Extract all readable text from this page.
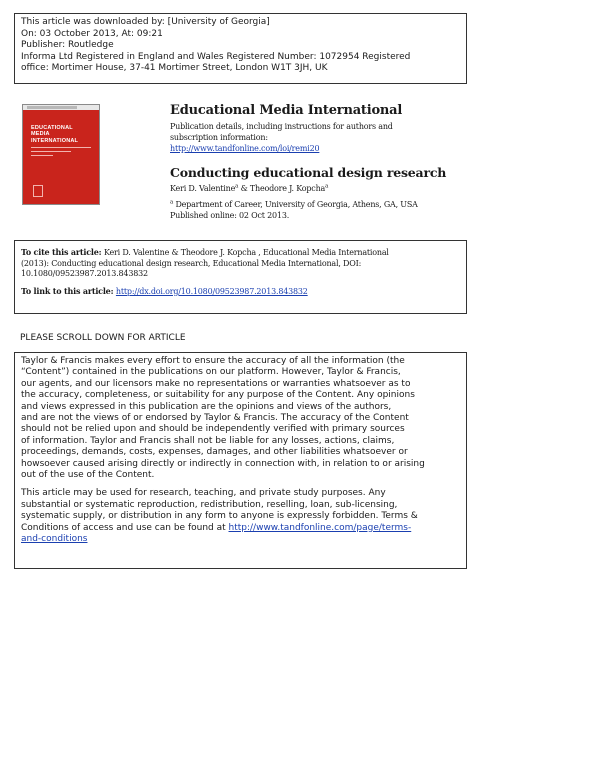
This article was downloaded by: [University of Georgia]
On: 03 October 2013, At: 09:21
Publisher: Routledge
Informa Ltd Registered in England and Wales Registered Number: 1072954 Registered
office: Mortimer House, 37-41 Mortimer Street, London W1T 3JH, UK
EDUCATIONAL
MEDIA
INTERNATIONAL
Educational Media International
Publication details, including instructions for authors and
subscription information:
http://www.tandfonline.com/loi/remi20
Conducting educational design research
Keri D. Valentine$^a$ & Theodore J. Kopcha$^a$
$^a$ Department of Career, University of Georgia, Athens, GA, USA
Published online: 02 Oct 2013.
To cite this article: Keri D. Valentine & Theodore J. Kopcha , Educational Media International
(2013): Conducting educational design research, Educational Media International, DOI:
10.1080/09523987.2013.843832
To link to this article: http://dx.doi.org/10.1080/09523987.2013.843832
PLEASE SCROLL DOWN FOR ARTICLE
Taylor & Francis makes every effort to ensure the accuracy of all the information (the
“Content”) contained in the publications on our platform. However, Taylor & Francis,
our agents, and our licensors make no representations or warranties whatsoever as to
the accuracy, completeness, or suitability for any purpose of the Content. Any opinions
and views expressed in this publication are the opinions and views of the authors,
and are not the views of or endorsed by Taylor & Francis. The accuracy of the Content
should not be relied upon and should be independently verified with primary sources
of information. Taylor and Francis shall not be liable for any losses, actions, claims,
proceedings, demands, costs, expenses, damages, and other liabilities whatsoever or
howsoever caused arising directly or indirectly in connection with, in relation to or arising
out of the use of the Content.
This article may be used for research, teaching, and private study purposes. Any
substantial or systematic reproduction, redistribution, reselling, loan, sub-licensing,
systematic supply, or distribution in any form to anyone is expressly forbidden. Terms &
Conditions of access and use can be found at http://www.tandfonline.com/page/terms-
and-conditions
